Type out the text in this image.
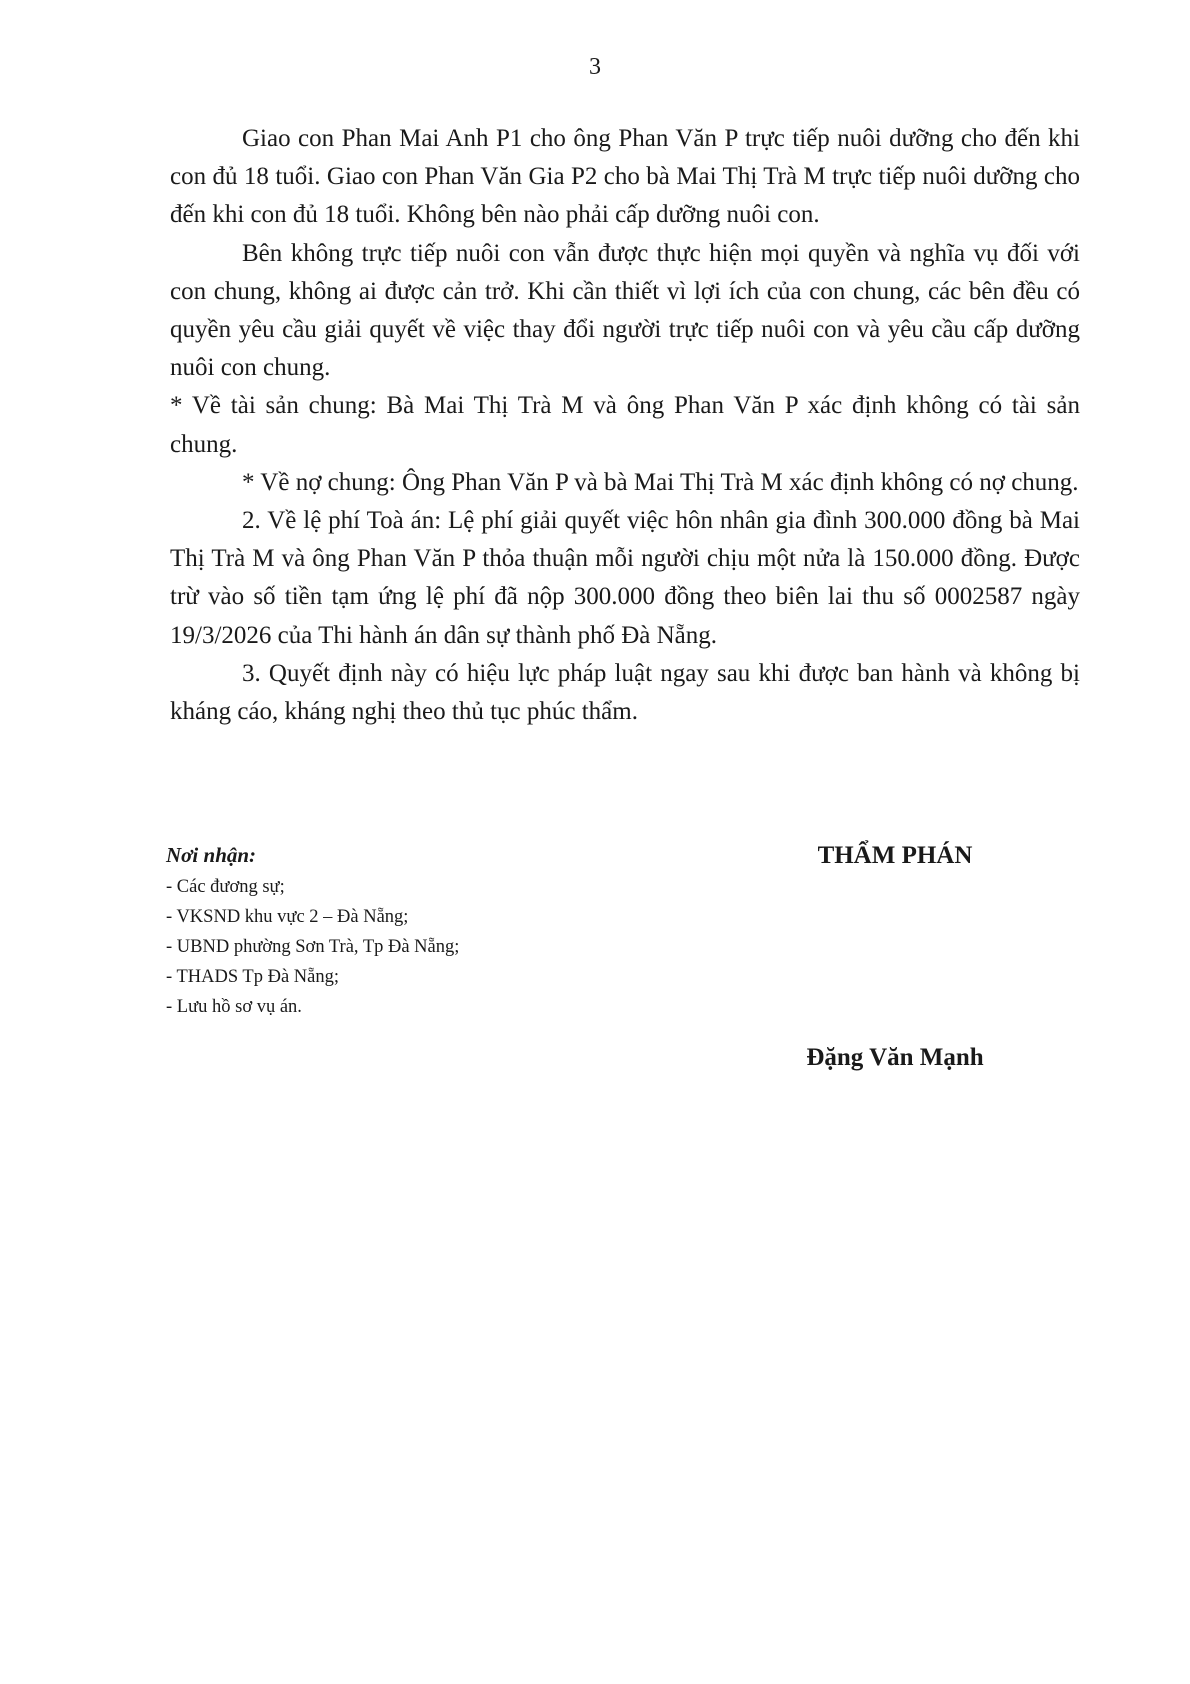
3

Giao con Phan Mai Anh P1 cho ông Phan Văn P trực tiếp nuôi dưỡng cho đến khi con đủ 18 tuổi. Giao con Phan Văn Gia P2 cho bà Mai Thị Trà M trực tiếp nuôi dưỡng cho đến khi con đủ 18 tuổi. Không bên nào phải cấp dưỡng nuôi con.

Bên không trực tiếp nuôi con vẫn được thực hiện mọi quyền và nghĩa vụ đối với con chung, không ai được cản trở. Khi cần thiết vì lợi ích của con chung, các bên đều có quyền yêu cầu giải quyết về việc thay đổi người trực tiếp nuôi con và yêu cầu cấp dưỡng nuôi con chung.

* Về tài sản chung: Bà Mai Thị Trà M và ông Phan Văn P xác định không có tài sản chung.

* Về nợ chung: Ông Phan Văn P và bà Mai Thị Trà M xác định không có nợ chung.

2. Về lệ phí Toà án: Lệ phí giải quyết việc hôn nhân gia đình 300.000 đồng bà Mai Thị Trà M và ông Phan Văn P thỏa thuận mỗi người chịu một nửa là 150.000 đồng. Được trừ vào số tiền tạm ứng lệ phí đã nộp 300.000 đồng theo biên lai thu số 0002587 ngày 19/3/2026 của Thi hành án dân sự thành phố Đà Nẵng.

3. Quyết định này có hiệu lực pháp luật ngay sau khi được ban hành và không bị kháng cáo, kháng nghị theo thủ tục phúc thẩm.

Nơi nhận:
- Các đương sự;
- VKSND khu vực 2 – Đà Nẵng;
- UBND phường Sơn Trà, Tp Đà Nẵng;
- THADS Tp Đà Nẵng;
- Lưu hồ sơ vụ án.
THẨM PHÁN
Đặng Văn Mạnh
